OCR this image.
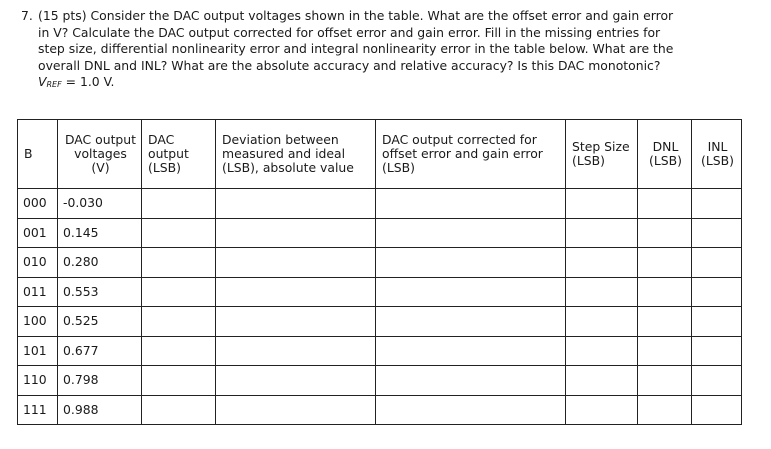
7. (15 pts) Consider the DAC output voltages shown in the table. What are the offset error and gain error
in V? Calculate the DAC output corrected for offset error and gain error. Fill in the missing entries for
step size, differential nonlinearity error and integral nonlinearity error in the table below. What are the
overall DNL and INL? What are the absolute accuracy and relative accuracy? Is this DAC monotonic?
$V_{REF} = 1.0$ V.
B	DAC output voltages (V)	DAC output (LSB)	Deviation between measured and ideal (LSB), absolute value	DAC output corrected for offset error and gain error (LSB)	Step Size (LSB)	DNL (LSB)	INL (LSB)

000	-0.030						
001	0.145						
010	0.280						
011	0.553						
100	0.525						
101	0.677						
110	0.798						
111	0.988						
